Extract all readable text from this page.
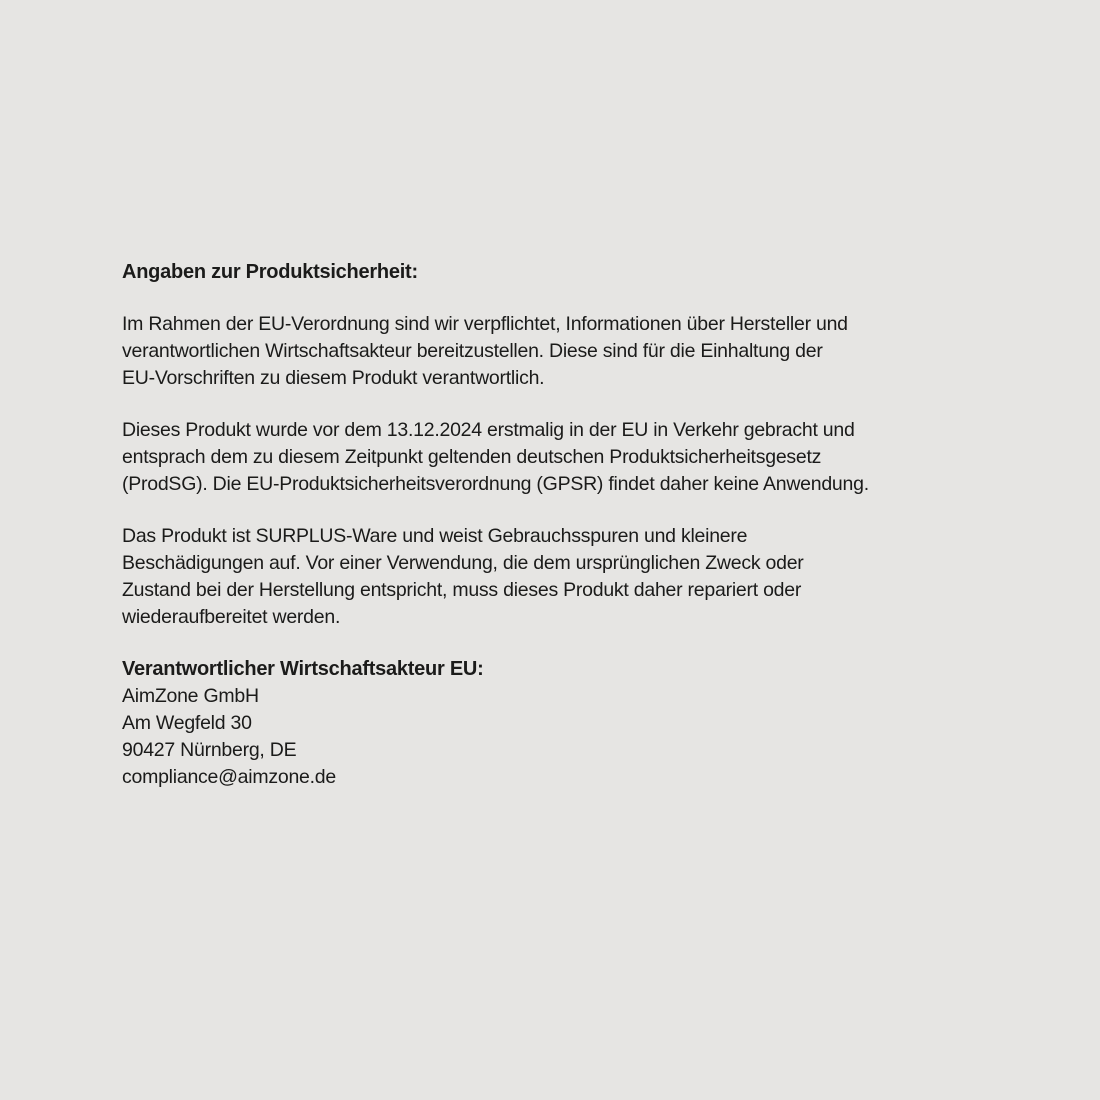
Angaben zur Produktsicherheit:

Im Rahmen der EU-Verordnung sind wir verpflichtet, Informationen über Hersteller und
verantwortlichen Wirtschaftsakteur bereitzustellen. Diese sind für die Einhaltung der
EU-Vorschriften zu diesem Produkt verantwortlich.

Dieses Produkt wurde vor dem 13.12.2024 erstmalig in der EU in Verkehr gebracht und
entsprach dem zu diesem Zeitpunkt geltenden deutschen Produktsicherheitsgesetz
(ProdSG). Die EU-Produktsicherheitsverordnung (GPSR) findet daher keine Anwendung.

Das Produkt ist SURPLUS-Ware und weist Gebrauchsspuren und kleinere
Beschädigungen auf. Vor einer Verwendung, die dem ursprünglichen Zweck oder
Zustand bei der Herstellung entspricht, muss dieses Produkt daher repariert oder
wiederaufbereitet werden.

Verantwortlicher Wirtschaftsakteur EU:
AimZone GmbH
Am Wegfeld 30
90427 Nürnberg, DE
compliance@aimzone.de
